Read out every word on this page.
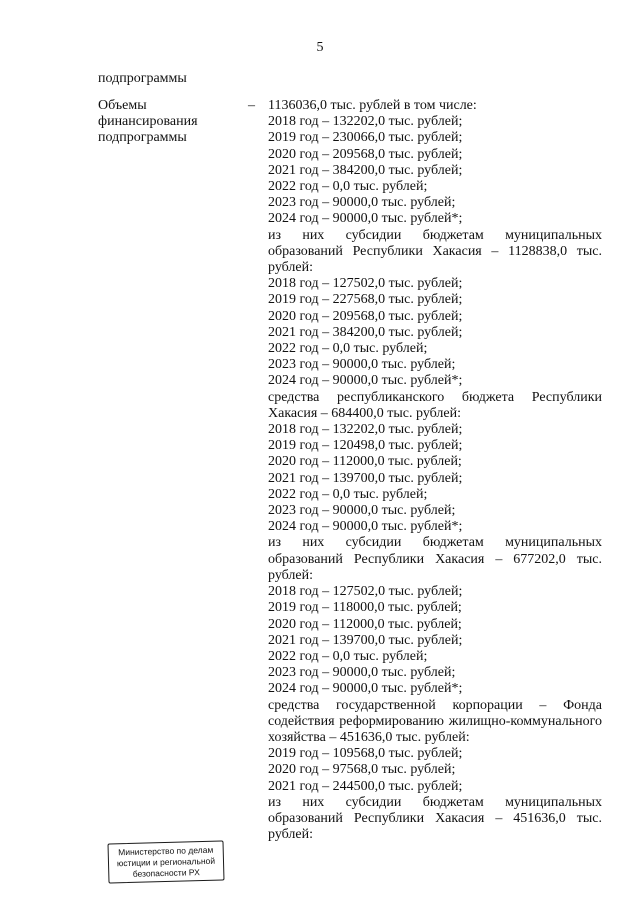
5
подпрограммы
Объемы
финансирования
подпрограммы
– 1136036,0 тыс. рублей в том числе:
2018 год – 132202,0 тыс. рублей;
2019 год – 230066,0 тыс. рублей;
2020 год – 209568,0 тыс. рублей;
2021 год – 384200,0 тыс. рублей;
2022 год – 0,0 тыс. рублей;
2023 год – 90000,0 тыс. рублей;
2024 год – 90000,0 тыс. рублей*;
из них субсидии бюджетам муниципальных
образований Республики Хакасия – 1128838,0 тыс.
рублей:
2018 год – 127502,0 тыс. рублей;
2019 год – 227568,0 тыс. рублей;
2020 год – 209568,0 тыс. рублей;
2021 год – 384200,0 тыс. рублей;
2022 год – 0,0 тыс. рублей;
2023 год – 90000,0 тыс. рублей;
2024 год – 90000,0 тыс. рублей*;
средства республиканского бюджета Республики
Хакасия – 684400,0 тыс. рублей:
2018 год – 132202,0 тыс. рублей;
2019 год – 120498,0 тыс. рублей;
2020 год – 112000,0 тыс. рублей;
2021 год – 139700,0 тыс. рублей;
2022 год – 0,0 тыс. рублей;
2023 год – 90000,0 тыс. рублей;
2024 год – 90000,0 тыс. рублей*;
из них субсидии бюджетам муниципальных
образований Республики Хакасия – 677202,0 тыс.
рублей:
2018 год – 127502,0 тыс. рублей;
2019 год – 118000,0 тыс. рублей;
2020 год – 112000,0 тыс. рублей;
2021 год – 139700,0 тыс. рублей;
2022 год – 0,0 тыс. рублей;
2023 год – 90000,0 тыс. рублей;
2024 год – 90000,0 тыс. рублей*;
средства государственной корпорации – Фонда
содействия реформированию жилищно-коммунального
хозяйства – 451636,0 тыс. рублей:
2019 год – 109568,0 тыс. рублей;
2020 год – 97568,0 тыс. рублей;
2021 год – 244500,0 тыс. рублей;
из них субсидии бюджетам муниципальных
образований Республики Хакасия – 451636,0 тыс.
рублей:
Министерство по делам
юстиции и региональной
безопасности РХ
